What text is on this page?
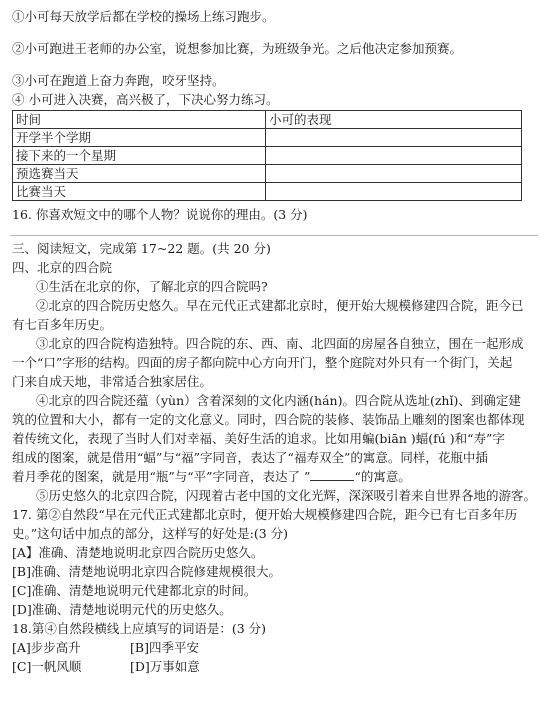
①小可每天放学后都在学校的操场上练习跑步。
②小可跑进王老师的办公室，说想参加比赛，为班级争光。之后他决定参加预赛。
③小可在跑道上奋力奔跑，咬牙坚持。
④ 小可进入决赛，高兴极了，下决心努力练习。
时间	小可的表现
开学半个学期	
接下来的一个星期	
预选赛当天	
比赛当天	
16. 你喜欢短文中的哪个人物？说说你的理由。(3 分)
三、阅读短文，完成第 17~22 题。(共 20 分)
四、北京的四合院
①生活在北京的你，了解北京的四合院吗?
②北京的四合院历史悠久。早在元代正式建都北京时，便开始大规模修建四合院，距今已
有七百多年历史。
③北京的四合院构造独特。四合院的东、西、南、北四面的房屋各自独立，围在一起形成
一个“口”字形的结构。四面的房子都向院中心方向开门，整个庭院对外只有一个街门，关起
门来自成天地，非常适合独家居住。
④北京的四合院还蕴（yùn）含着深刻的文化内涵(hán)。四合院从选址(zhǐ)、到确定建
筑的位置和大小，都有一定的文化意义。同时，四合院的装修、装饰品上雕刻的图案也都体现
着传统文化，表现了当时人们对幸福、美好生活的追求。比如用蝙(biān )蝠(fú )和“寿”字
组成的图案，就是借用“蝠”与“福”字同音，表达了“福寿双全”的寓意。同样，花瓶中插
着月季花的图案，就是用“瓶”与“平”字同音，表达了 ”	“的寓意。
⑤历史悠久的北京四合院，闪现着古老中国的文化光辉，深深吸引着来自世界各地的游客。
17. 第②自然段“早在元代正式建都北京时，便开始大规模修建四合院，距今已有七百多年历
史。”这句话中加点的部分，这样写的好处是:(3 分)
[A】准确、清楚地说明北京四合院历史悠久。
[B]准确、清楚地说明北京四合院修建规模很大。
[C]准确、清楚地说明元代建都北京的时间。
[D]准确、清楚地说明元代的历史悠久。
18.第④自然段横线上应填写的词语是：(3 分)
[A]步步高升	[B]四季平安
[C]一帆风顺	[D]万事如意
